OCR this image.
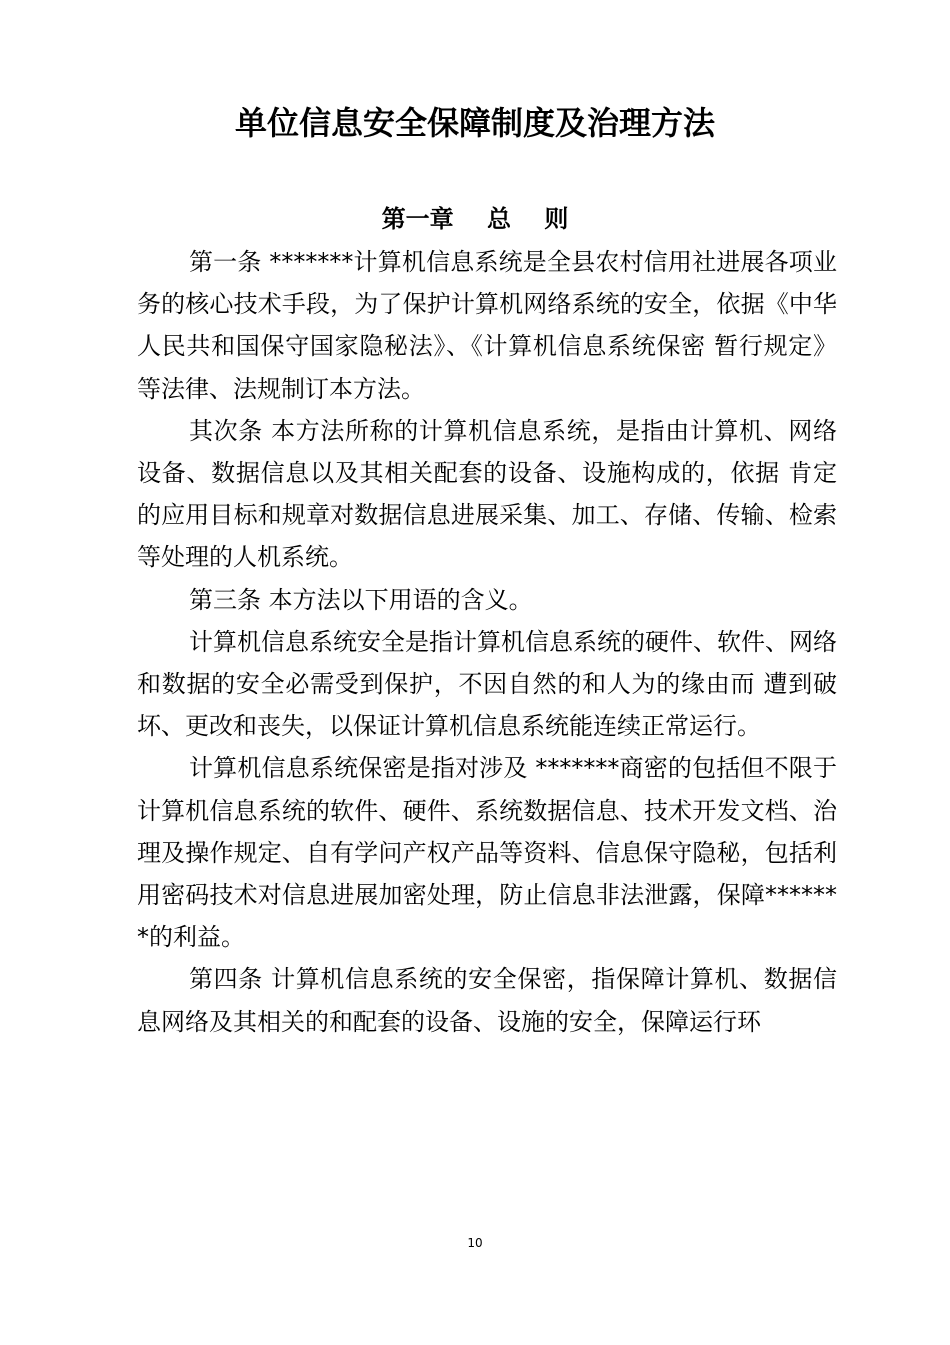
单位信息安全保障制度及治理方法
第一章    总    则

第一条 *******计算机信息系统是全县农村信用社进展各项业务的核心技术手段，为了保护计算机网络系统的安全，依据《中华人民共和国保守国家隐秘法》、《计算机信息系统保密 暂行规定》等法律、法规制订本方法。

其次条 本方法所称的计算机信息系统，是指由计算机、网络设备、数据信息以及其相关配套的设备、设施构成的，依据 肯定的应用目标和规章对数据信息进展采集、加工、存储、传输、检索等处理的人机系统。

第三条 本方法以下用语的含义。

计算机信息系统安全是指计算机信息系统的硬件、软件、网络和数据的安全必需受到保护，不因自然的和人为的缘由而 遭到破坏、更改和丧失，以保证计算机信息系统能连续正常运行。

计算机信息系统保密是指对涉及 *******商密的包括但不限于计算机信息系统的软件、硬件、系统数据信息、技术开发文档、治理及操作规定、自有学问产权产品等资料、信息保守隐秘，包括利用密码技术对信息进展加密处理，防止信息非法泄露，保障*******的利益。

第四条 计算机信息系统的安全保密，指保障计算机、数据信息网络及其相关的和配套的设备、设施的安全，保障运行环

10
